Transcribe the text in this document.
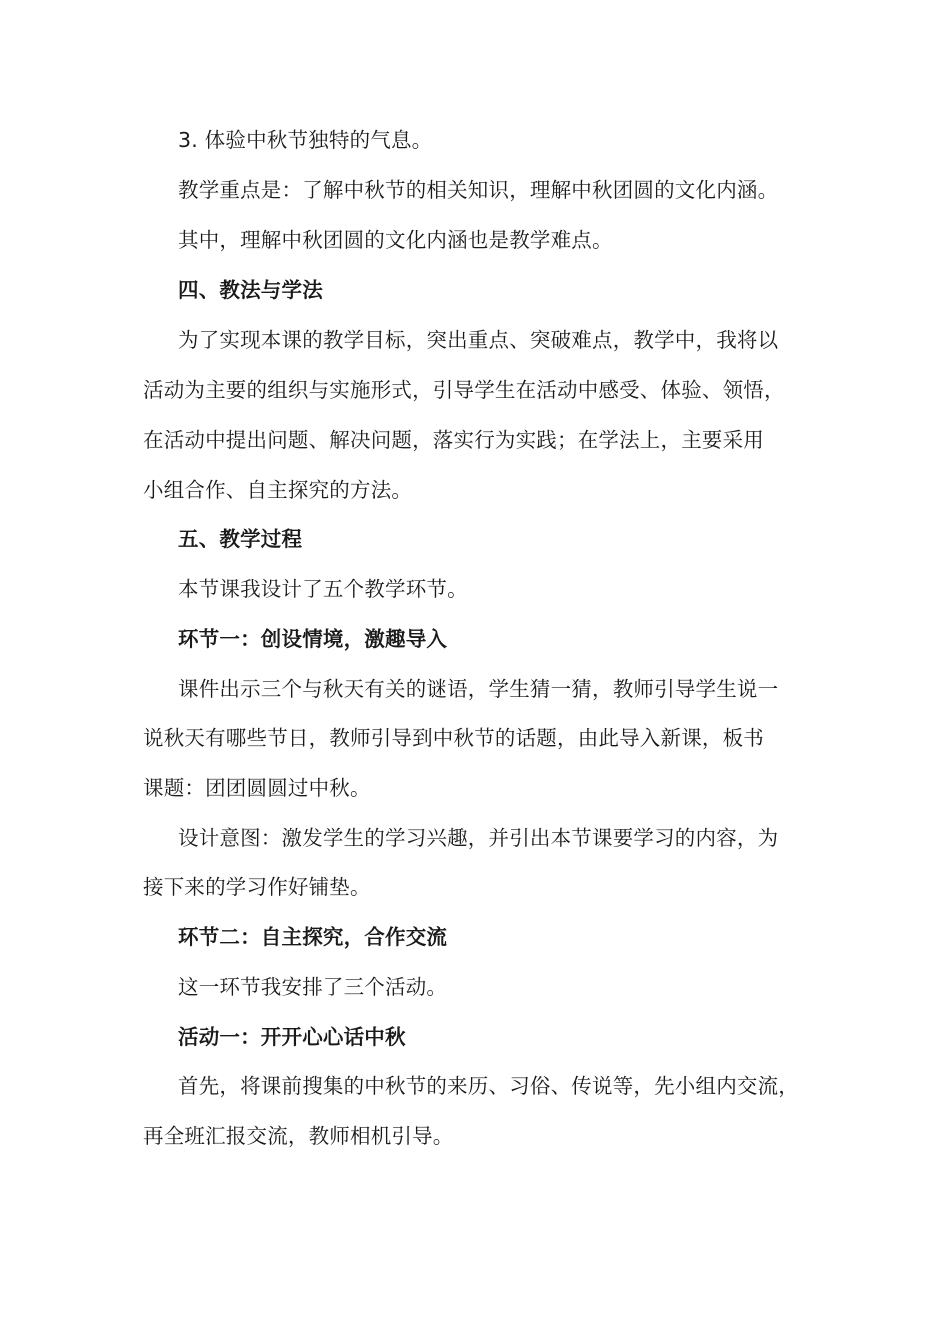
3. 体验中秋节独特的气息。
教学重点是：了解中秋节的相关知识，理解中秋团圆的文化内涵。
其中，理解中秋团圆的文化内涵也是教学难点。
四、教法与学法
为了实现本课的教学目标，突出重点、突破难点，教学中，我将以
活动为主要的组织与实施形式，引导学生在活动中感受、体验、领悟，
在活动中提出问题、解决问题，落实行为实践；在学法上，主要采用
小组合作、自主探究的方法。
五、教学过程
本节课我设计了五个教学环节。
环节一：创设情境，激趣导入
课件出示三个与秋天有关的谜语，学生猜一猜，教师引导学生说一
说秋天有哪些节日，教师引导到中秋节的话题，由此导入新课，板书
课题：团团圆圆过中秋。
设计意图：激发学生的学习兴趣，并引出本节课要学习的内容，为
接下来的学习作好铺垫。
环节二：自主探究，合作交流
这一环节我安排了三个活动。
活动一：开开心心话中秋
首先，将课前搜集的中秋节的来历、习俗、传说等，先小组内交流，
再全班汇报交流，教师相机引导。
